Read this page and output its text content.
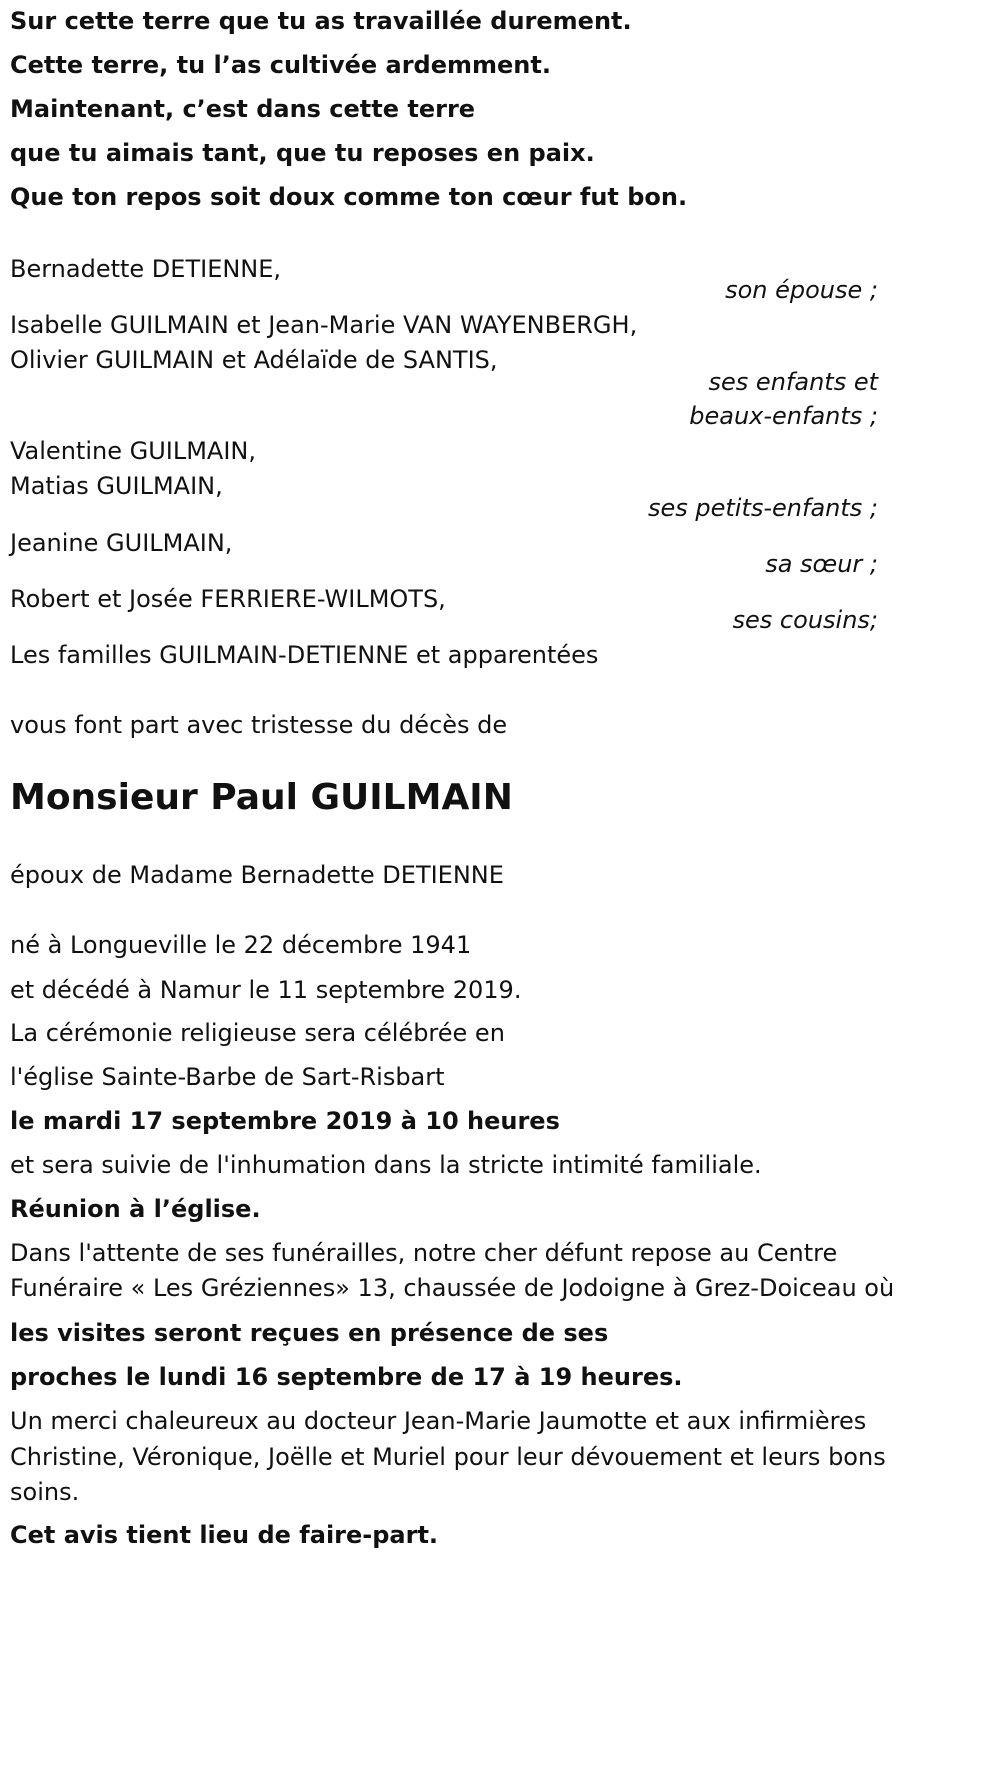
Sur cette terre que tu as travaillée durement.

Cette terre, tu l’as cultivée ardemment.

Maintenant, c’est dans cette terre

que tu aimais tant, que tu reposes en paix.

Que ton repos soit doux comme ton cœur fut bon.

Bernadette DETIENNE,

son épouse ;

Isabelle GUILMAIN et Jean-Marie VAN WAYENBERGH,

Olivier GUILMAIN et Adélaïde de SANTIS,

ses enfants et

beaux-enfants ;

Valentine GUILMAIN,

Matias GUILMAIN,

ses petits-enfants ;

Jeanine GUILMAIN,

sa sœur ;

Robert et Josée FERRIERE-WILMOTS,

ses cousins;

Les familles GUILMAIN-DETIENNE et apparentées

vous font part avec tristesse du décès de

Monsieur Paul GUILMAIN

époux de Madame Bernadette DETIENNE

né à Longueville le 22 décembre 1941

et décédé à Namur le 11 septembre 2019.

La cérémonie religieuse sera célébrée en

l'église Sainte-Barbe de Sart-Risbart

le mardi 17 septembre 2019 à 10 heures

et sera suivie de l'inhumation dans la stricte intimité familiale.

Réunion à l’église.

Dans l'attente de ses funérailles, notre cher défunt repose au Centre

Funéraire « Les Gréziennes» 13, chaussée de Jodoigne à Grez-Doiceau où

les visites seront reçues en présence de ses

proches le lundi 16 septembre de 17 à 19 heures.

Un merci chaleureux au docteur Jean-Marie Jaumotte et aux infirmières

Christine, Véronique, Joëlle et Muriel pour leur dévouement et leurs bons

soins.

Cet avis tient lieu de faire-part.
